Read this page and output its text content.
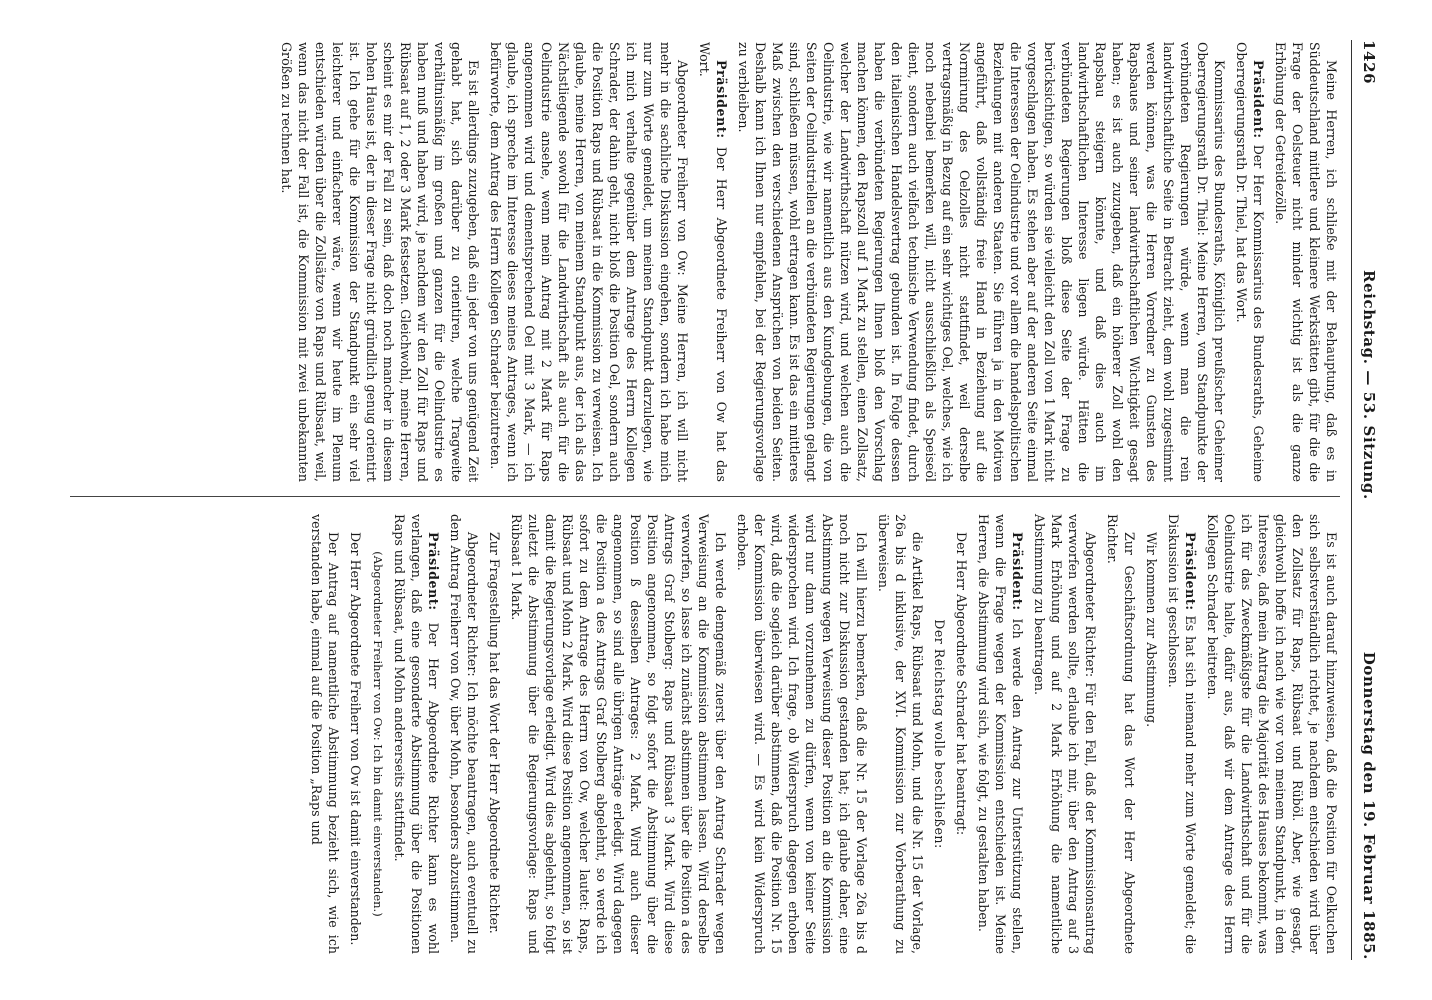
1426
Reichstag. — 53. Sitzung.
Donnerstag den 19. Februar 1885.

Meine Herren, ich schließe mit der Behauptung, daß es in Süddeutschland mittlere und kleinere Werkstätten gibt, für die die Frage der Oelsteuer nicht minder wichtig ist als die ganze Erhöhung der Getreidezölle.

Präsident: Der Herr Kommissarius des Bundesraths, Geheime Oberregierungsrath Dr. Thiel, hat das Wort.

Kommissarius des Bundesraths, Königlich preußischer Geheimer Oberregierungsrath Dr. Thiel: Meine Herren, vom Standpunkte der verbündeten Regierungen würde, wenn man die rein landwirthschaftliche Seite in Betracht zieht, dem wohl zugestimmt werden können, was die Herren Vorredner zu Gunsten des Rapsbaues und seiner landwirthschaftlichen Wichtigkeit gesagt haben; es ist auch zuzugeben, daß ein höherer Zoll wohl den Rapsbau steigern könnte, und daß dies auch im landwirthschaftlichen Interesse liegen würde. Hätten die verbündeten Regierungen bloß diese Seite der Frage zu berücksichtigen, so würden sie vielleicht den Zoll von 1 Mark nicht vorgeschlagen haben. Es stehen aber auf der anderen Seite einmal die Interessen der Oelindustrie und vor allem die handelspolitischen Beziehungen mit anderen Staaten. Sie führen ja in den Motiven angeführt, daß vollständig freie Hand in Beziehung auf die Normirung des Oelzolles nicht stattfindet, weil derselbe vertragsmäßig in Bezug auf ein sehr wichtiges Oel, welches, wie ich noch nebenbei bemerken will, nicht ausschließlich als Speiseöl dient, sondern auch vielfach technische Verwendung findet, durch den italienischen Handelsvertrag gebunden ist. In Folge dessen haben die verbündeten Regierungen Ihnen bloß den Vorschlag machen können, den Rapszoll auf 1 Mark zu stellen, einen Zollsatz, welcher der Landwirthschaft nützen wird, und welchen auch die Oelindustrie, wie wir namentlich aus den Kundgebungen, die von Seiten der Oelindustriellen an die verbündeten Regierungen gelangt sind, schließen müssen, wohl ertragen kann. Es ist das ein mittleres Maß zwischen den verschiedenen Ansprüchen von beiden Seiten. Deshalb kann ich Ihnen nur empfehlen, bei der Regierungsvorlage zu verbleiben.

Präsident: Der Herr Abgeordnete Freiherr von Ow hat das Wort.

Abgeordneter Freiherr von Ow: Meine Herren, ich will nicht mehr in die sachliche Diskussion eingehen, sondern ich habe mich nur zum Worte gemeldet, um meinen Standpunkt darzulegen, wie ich mich verhalte gegenüber dem Antrage des Herrn Kollegen Schrader, der dahin geht, nicht bloß die Position Oel, sondern auch die Position Raps und Rübsaat in die Kommission zu verweisen. Ich glaube, meine Herren, von meinem Standpunkt aus, der ich als das Nächstliegende sowohl für die Landwirthschaft als auch für die Oelindustrie ansehe, wenn mein Antrag mit 2 Mark für Raps angenommen wird und dementsprechend Oel mit 3 Mark, — ich glaube, ich spreche im Interesse dieses meines Antrages, wenn ich befürworte, dem Antrag des Herrn Kollegen Schrader beizutreten.

Es ist allerdings zuzugeben, daß ein jeder von uns genügend Zeit gehabt hat, sich darüber zu orientiren, welche Tragweite verhältnismäßig im großen und ganzen für die Oelindustrie es haben muß und haben wird, je nachdem wir den Zoll für Raps und Rübsaat auf 1, 2 oder 3 Mark festsetzen. Gleichwohl, meine Herren, scheint es mir der Fall zu sein, daß doch noch mancher in diesem hohen Hause ist, der in dieser Frage nicht gründlich genug orientirt ist. Ich gehe für die Kommission der Standpunkt ein sehr viel leichterer und einfacherer wäre, wenn wir heute im Plenum entschieden würden über die Zollsätze von Raps und Rübsaat, weil, wenn das nicht der Fall ist, die Kommission mit zwei unbekannten Größen zu rechnen hat.

Es ist auch darauf hinzuweisen, daß die Position für Oelkuchen sich selbstverständlich richtet, je nachdem entschieden wird über den Zollsatz für Raps, Rübsaat und Rüböl. Aber, wie gesagt, gleichwohl hoffe ich nach wie vor von meinem Standpunkt, in dem Interesse, daß mein Antrag die Majorität des Hauses bekommt, was ich für das Zweckmäßigste für die Landwirthschaft und für die Oelindustrie halte, dafür aus, daß wir dem Antrage des Herrn Kollegen Schrader beitreten.

Präsident: Es hat sich niemand mehr zum Worte gemeldet; die Diskussion ist geschlossen.

Wir kommen zur Abstimmung.

Zur Geschäftsordnung hat das Wort der Herr Abgeordnete Richter.

Abgeordneter Richter: Für den Fall, daß der Kommissionsantrag verworfen werden sollte, erlaube ich mir, über den Antrag auf 3 Mark Erhöhung und auf 2 Mark Erhöhung die namentliche Abstimmung zu beantragen.

Präsident: Ich werde den Antrag zur Unterstützung stellen, wenn die Frage wegen der Kommission entschieden ist. Meine Herren, die Abstimmung wird sich, wie folgt, zu gestalten haben.

Der Herr Abgeordnete Schrader hat beantragt:

Der Reichstag wolle beschließen:

die Artikel Raps, Rübsaat und Mohn, und die Nr. 15 der Vorlage, 26a bis d inklusive, der XVI. Kommission zur Vorberathung zu überweisen.

Ich will hierzu bemerken, daß die Nr. 15 der Vorlage 26a bis d noch nicht zur Diskussion gestanden hat; ich glaube daher, eine Abstimmung wegen Verweisung dieser Position an die Kommission wird nur dann vorzunehmen zu dürfen, wenn von keiner Seite widersprochen wird. Ich frage, ob Widerspruch dagegen erhoben wird, daß die sogleich darüber abstimmen, daß die Position Nr. 15 der Kommission überwiesen wird. — Es wird kein Widerspruch erhoben.

Ich werde demgemäß zuerst über den Antrag Schrader wegen Verweisung an die Kommission abstimmen lassen. Wird derselbe verworfen, so lasse ich zunächst abstimmen über die Position a des Antrags Graf Stolberg: Raps und Rübsaat 3 Mark. Wird diese Position angenommen, so folgt sofort die Abstimmung über die Position ß desselben Antrages: 2 Mark. Wird auch dieser angenommen, so sind alle übrigen Anträge erledigt. Wird dagegen die Position a des Antrags Graf Stolberg abgelehnt, so werde ich sofort zu dem Antrage des Herrn von Ow, welcher lautet: Raps, Rübsaat und Mohn 2 Mark. Wird diese Position angenommen, so ist damit die Regierungsvorlage erledigt. Wird dies abgelehnt, so folgt zuletzt die Abstimmung über die Regierungsvorlage: Raps und Rübsaat 1 Mark.

Zur Fragestellung hat das Wort der Herr Abgeordnete Richter.

Abgeordneter Richter: Ich möchte beantragen, auch eventuell zu dem Antrag Freiherr von Ow, über Mohn, besonders abzustimmen.

Präsident: Der Herr Abgeordnete Richter kann es wohl verlangen, daß eine gesonderte Abstimmung über die Positionen Raps und Rübsaat, und Mohn andererseits stattfindet.

(Abgeordneter Freiherr von Ow: Ich bin damit einverstanden.)

Der Herr Abgeordnete Freiherr von Ow ist damit einverstanden.

Der Antrag auf namentliche Abstimmung bezieht sich, wie ich verstanden habe, einmal auf die Position „Raps und
